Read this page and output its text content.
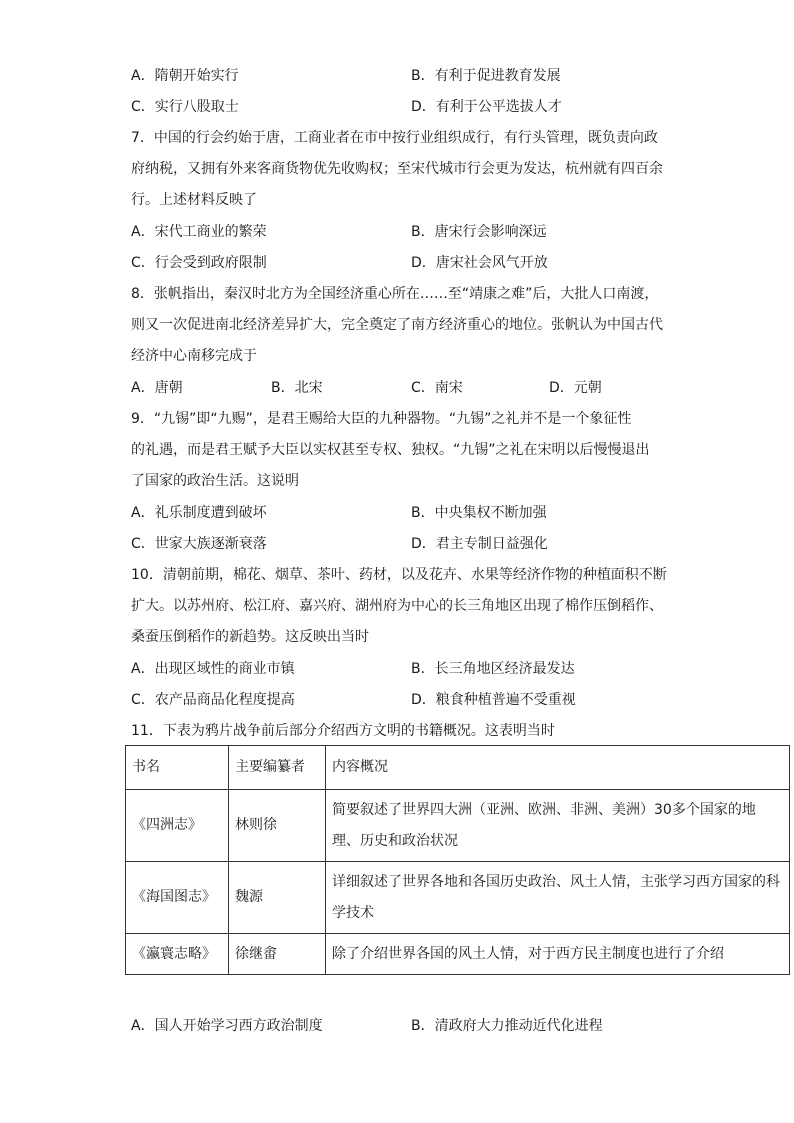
A．隋朝开始实行	B．有利于促进教育发展
C．实行八股取士	D．有利于公平选拔人才
7．中国的行会约始于唐，工商业者在市中按行业组织成行，有行头管理，既负责向政
府纳税，又拥有外来客商货物优先收购权；至宋代城市行会更为发达，杭州就有四百余
行。上述材料反映了
A．宋代工商业的繁荣	B．唐宋行会影响深远
C．行会受到政府限制	D．唐宋社会风气开放
8．张帆指出，秦汉时北方为全国经济重心所在……至“靖康之难”后，大批人口南渡，
则又一次促进南北经济差异扩大，完全奠定了南方经济重心的地位。张帆认为中国古代
经济中心南移完成于
A．唐朝	B．北宋	C．南宋	D．元朝
9．“九锡”即“九赐”，是君王赐给大臣的九种器物。“九锡”之礼并不是一个象征性
的礼遇，而是君王赋予大臣以实权甚至专权、独权。“九锡”之礼在宋明以后慢慢退出
了国家的政治生活。这说明
A．礼乐制度遭到破坏	B．中央集权不断加强
C．世家大族逐渐衰落	D．君主专制日益强化
10．清朝前期，棉花、烟草、茶叶、药材，以及花卉、水果等经济作物的种植面积不断
扩大。以苏州府、松江府、嘉兴府、湖州府为中心的长三角地区出现了棉作压倒稻作、
桑蚕压倒稻作的新趋势。这反映出当时
A．出现区域性的商业市镇	B．长三角地区经济最发达
C．农产品商品化程度提高	D．粮食种植普遍不受重视
11．下表为鸦片战争前后部分介绍西方文明的书籍概况。这表明当时
书名	主要编纂者	内容概况
《四洲志》	林则徐	简要叙述了世界四大洲（亚洲、欧洲、非洲、美洲）30多个国家的地理、历史和政治状况
《海国图志》	魏源	详细叙述了世界各地和各国历史政治、风土人情，主张学习西方国家的科学技术
《瀛寰志略》	徐继畬	除了介绍世界各国的风土人情，对于西方民主制度也进行了介绍
A．国人开始学习西方政治制度	B．清政府大力推动近代化进程
